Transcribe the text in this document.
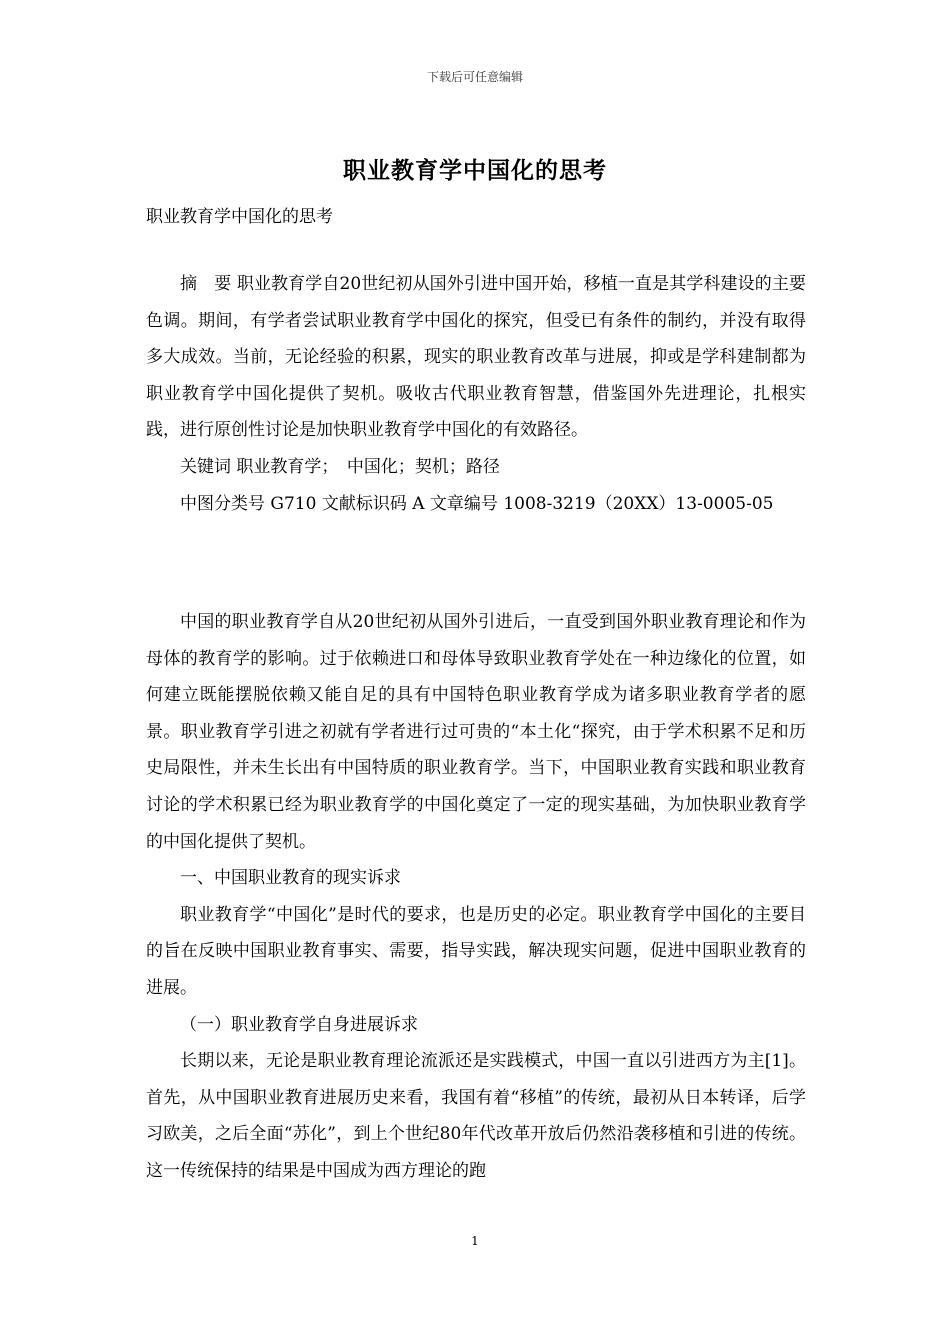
下载后可任意编辑
职业教育学中国化的思考
职业教育学中国化的思考

摘　要 职业教育学自20世纪初从国外引进中国开始，移植一直是其学科建设的主要色调。期间，有学者尝试职业教育学中国化的探究，但受已有条件的制约，并没有取得多大成效。当前，无论经验的积累，现实的职业教育改革与进展，抑或是学科建制都为职业教育学中国化提供了契机。吸收古代职业教育智慧，借鉴国外先进理论，扎根实践，进行原创性讨论是加快职业教育学中国化的有效路径。

关键词 职业教育学；　中国化；契机；路径

中图分类号 G710 文献标识码 A 文章编号 1008-3219（20XX）13-0005-05

中国的职业教育学自从20世纪初从国外引进后，一直受到国外职业教育理论和作为母体的教育学的影响。过于依赖进口和母体导致职业教育学处在一种边缘化的位置，如何建立既能摆脱依赖又能自足的具有中国特色职业教育学成为诸多职业教育学者的愿景。职业教育学引进之初就有学者进行过可贵的“本土化“探究，由于学术积累不足和历史局限性，并未生长出有中国特质的职业教育学。当下，中国职业教育实践和职业教育讨论的学术积累已经为职业教育学的中国化奠定了一定的现实基础，为加快职业教育学的中国化提供了契机。

一、中国职业教育的现实诉求

职业教育学“中国化”是时代的要求，也是历史的必定。职业教育学中国化的主要目的旨在反映中国职业教育事实、需要，指导实践，解决现实问题，促进中国职业教育的进展。

（一）职业教育学自身进展诉求

长期以来，无论是职业教育理论流派还是实践模式，中国一直以引进西方为主[1]。首先，从中国职业教育进展历史来看，我国有着“移植”的传统，最初从日本转译，后学习欧美，之后全面“苏化”，到上个世纪80年代改革开放后仍然沿袭移植和引进的传统。这一传统保持的结果是中国成为西方理论的跑

1
